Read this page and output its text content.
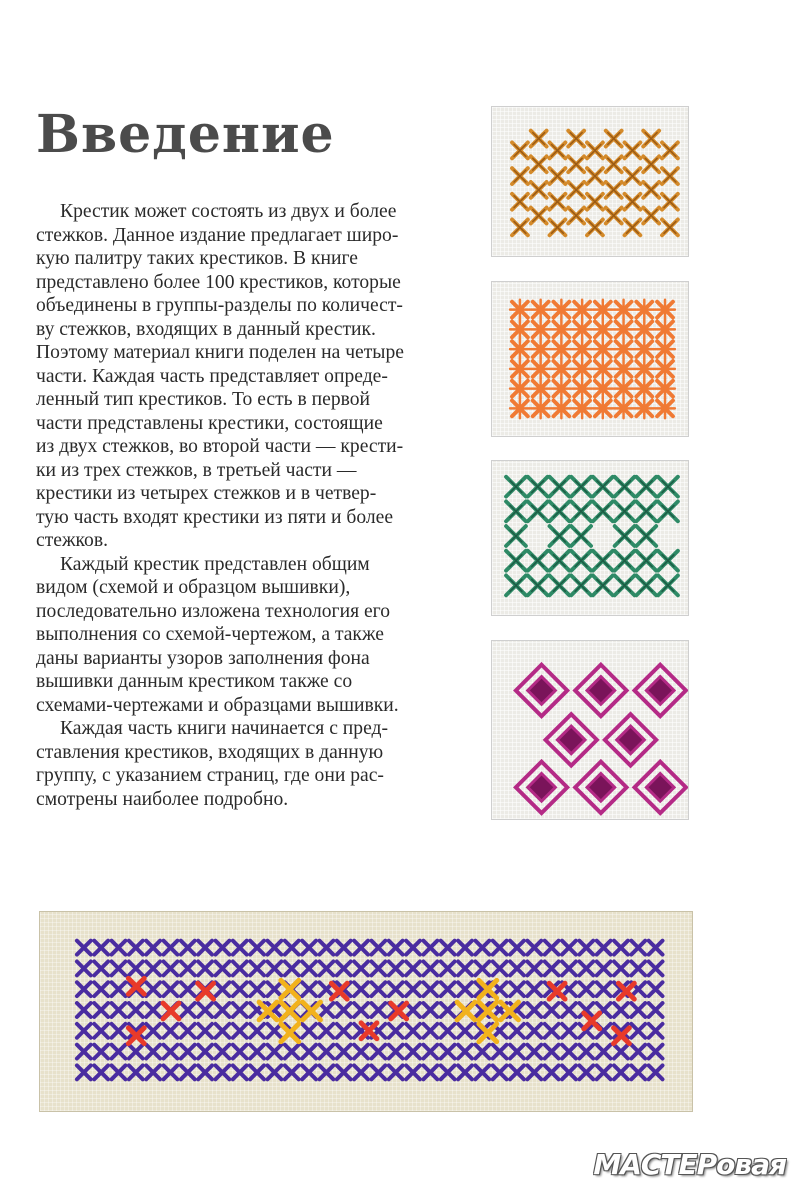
Введение
Крестик может состоять из двух и более
стежков. Данное издание предлагает широ-
кую палитру таких крестиков. В книге
представлено более 100 крестиков, которые
объединены в группы-разделы по количест-
ву стежков, входящих в данный крестик.
Поэтому материал книги поделен на четыре
части. Каждая часть представляет опреде-
ленный тип крестиков. То есть в первой
части представлены крестики, состоящие
из двух стежков, во второй части — крести-
ки из трех стежков, в третьей части —
крестики из четырех стежков и в четвер-
тую часть входят крестики из пяти и более
стежков.
Каждый крестик представлен общим
видом (схемой и образцом вышивки),
последовательно изложена технология его
выполнения со схемой-чертежом, а также
даны варианты узоров заполнения фона
вышивки данным крестиком также со
схемами-чертежами и образцами вышивки.
Каждая часть книги начинается с пред-
ставления крестиков, входящих в данную
группу, с указанием страниц, где они рас-
смотрены наиболее подробно.
МАСТЕРовая
